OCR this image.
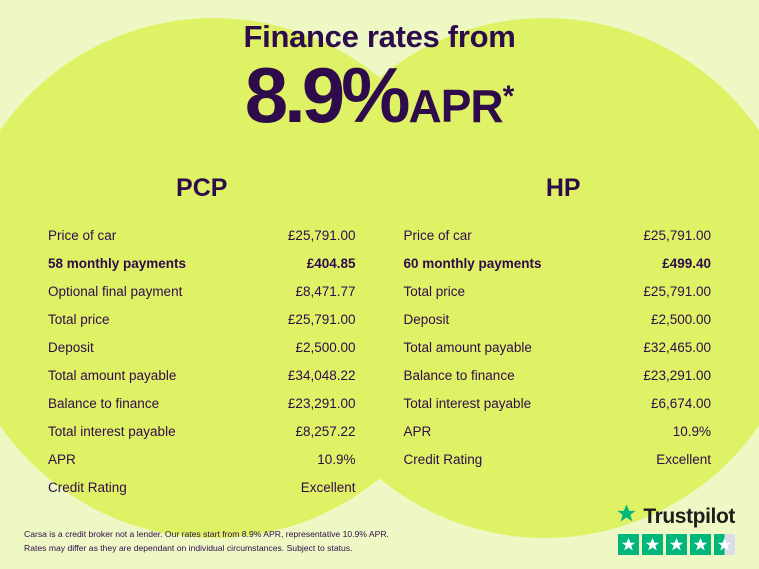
Finance rates from
8.9% APR *
PCP
Price of car	£25,791.00
58 monthly payments	£404.85
Optional final payment	£8,471.77
Total price	£25,791.00
Deposit	£2,500.00
Total amount payable	£34,048.22
Balance to finance	£23,291.00
Total interest payable	£8,257.22
APR	10.9%
Credit Rating	Excellent
HP
Price of car	£25,791.00
60 monthly payments	£499.40
Total price	£25,791.00
Deposit	£2,500.00
Total amount payable	£32,465.00
Balance to finance	£23,291.00
Total interest payable	£6,674.00
APR	10.9%
Credit Rating	Excellent
Carsa is a credit broker not a lender. Our rates start from 8.9% APR, representative 10.9% APR.
Rates may differ as they are dependant on individual circumstances. Subject to status.
Trustpilot
